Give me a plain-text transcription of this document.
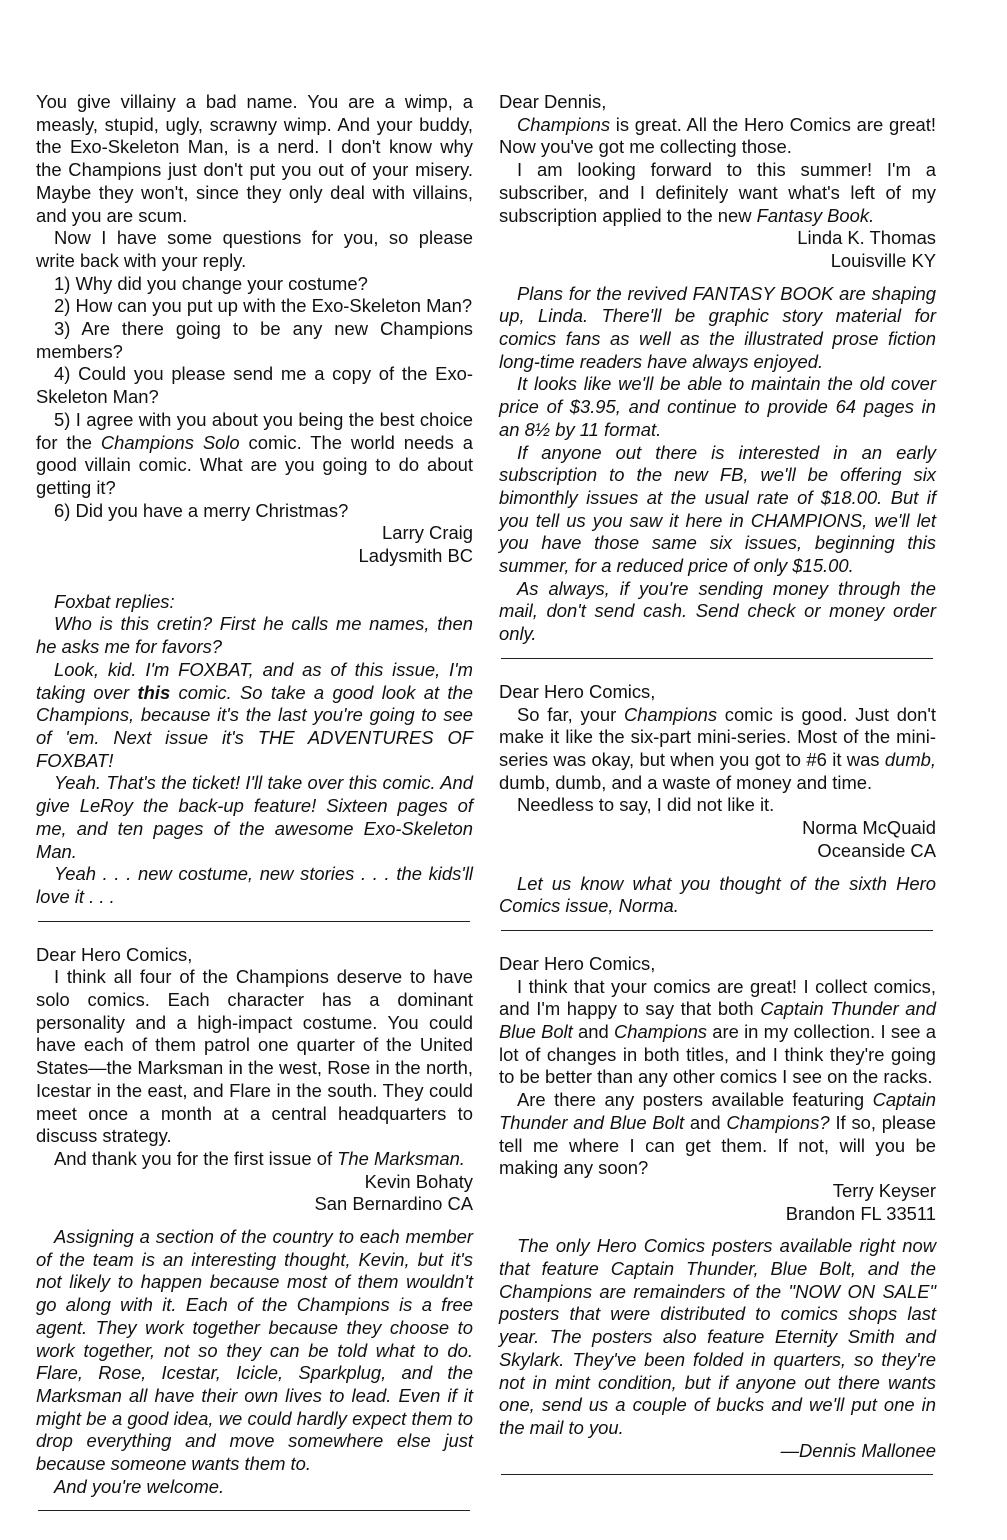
You give villainy a bad name. You are a wimp, a measly, stupid, ugly, scrawny wimp. And your buddy, the Exo-Skeleton Man, is a nerd. I don't know why the Champions just don't put you out of your misery. Maybe they won't, since they only deal with villains, and you are scum.

Now I have some questions for you, so please write back with your reply.

1) Why did you change your costume?

2) How can you put up with the Exo-Skeleton Man?

3) Are there going to be any new Champions members?

4) Could you please send me a copy of the Exo-Skeleton Man?

5) I agree with you about you being the best choice for the Champions Solo comic. The world needs a good villain comic. What are you going to do about getting it?

6) Did you have a merry Christmas?

Larry Craig
Ladysmith BC

Foxbat replies:

Who is this cretin? First he calls me names, then he asks me for favors?

Look, kid. I'm FOXBAT, and as of this issue, I'm taking over this comic. So take a good look at the Champions, because it's the last you're going to see of 'em. Next issue it's THE ADVENTURES OF FOXBAT!

Yeah. That's the ticket! I'll take over this comic. And give LeRoy the back-up feature! Sixteen pages of me, and ten pages of the awesome Exo-Skeleton Man.

Yeah . . . new costume, new stories . . . the kids'll love it . . .

Dear Hero Comics,

I think all four of the Champions deserve to have solo comics. Each character has a dominant personality and a high-impact costume. You could have each of them patrol one quarter of the United States—the Marksman in the west, Rose in the north, Icestar in the east, and Flare in the south. They could meet once a month at a central headquarters to discuss strategy.

And thank you for the first issue of The Marksman.

Kevin Bohaty
San Bernardino CA

Assigning a section of the country to each member of the team is an interesting thought, Kevin, but it's not likely to happen because most of them wouldn't go along with it. Each of the Champions is a free agent. They work together because they choose to work together, not so they can be told what to do. Flare, Rose, Icestar, Icicle, Sparkplug, and the Marksman all have their own lives to lead. Even if it might be a good idea, we could hardly expect them to drop everything and move somewhere else just because someone wants them to.

And you're welcome.

Dear Dennis,

Champions is great. All the Hero Comics are great! Now you've got me collecting those.

I am looking forward to this summer! I'm a subscriber, and I definitely want what's left of my subscription applied to the new Fantasy Book.

Linda K. Thomas
Louisville KY

Plans for the revived FANTASY BOOK are shaping up, Linda. There'll be graphic story material for comics fans as well as the illustrated prose fiction long-time readers have always enjoyed.

It looks like we'll be able to maintain the old cover price of $3.95, and continue to provide 64 pages in an 8½ by 11 format.

If anyone out there is interested in an early subscription to the new FB, we'll be offering six bimonthly issues at the usual rate of $18.00. But if you tell us you saw it here in CHAMPIONS, we'll let you have those same six issues, beginning this summer, for a reduced price of only $15.00.

As always, if you're sending money through the mail, don't send cash. Send check or money order only.

Dear Hero Comics,

So far, your Champions comic is good. Just don't make it like the six-part mini-series. Most of the mini-series was okay, but when you got to #6 it was dumb, dumb, dumb, and a waste of money and time.

Needless to say, I did not like it.

Norma McQuaid
Oceanside CA

Let us know what you thought of the sixth Hero Comics issue, Norma.

Dear Hero Comics,

I think that your comics are great! I collect comics, and I'm happy to say that both Captain Thunder and Blue Bolt and Champions are in my collection. I see a lot of changes in both titles, and I think they're going to be better than any other comics I see on the racks.

Are there any posters available featuring Captain Thunder and Blue Bolt and Champions? If so, please tell me where I can get them. If not, will you be making any soon?

Terry Keyser
Brandon FL 33511

The only Hero Comics posters available right now that feature Captain Thunder, Blue Bolt, and the Champions are remainders of the "NOW ON SALE" posters that were distributed to comics shops last year. The posters also feature Eternity Smith and Skylark. They've been folded in quarters, so they're not in mint condition, but if anyone out there wants one, send us a couple of bucks and we'll put one in the mail to you.

—Dennis Mallonee
